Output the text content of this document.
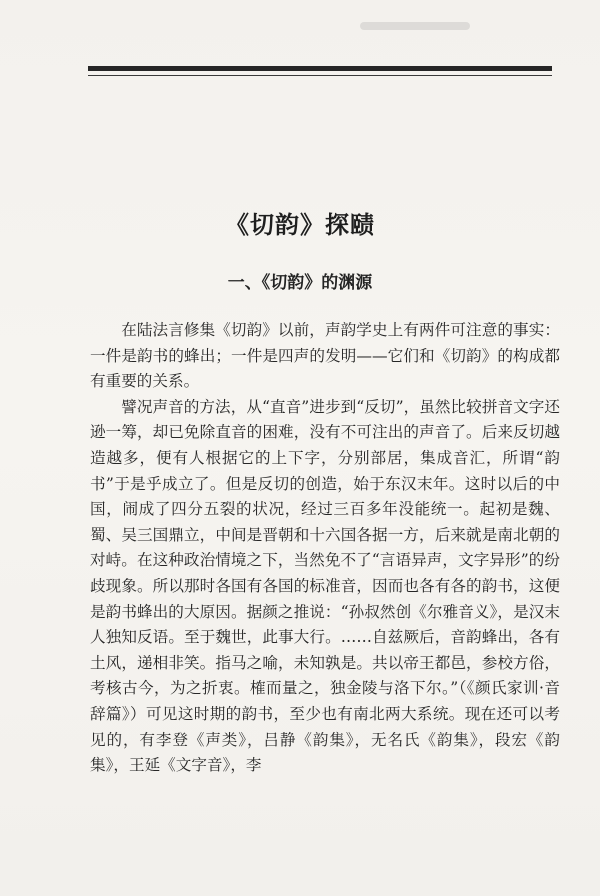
《切韵》探赜
一、《切韵》的渊源

在陆法言修集《切韵》以前，声韵学史上有两件可注意的事实：一件是韵书的蜂出；一件是四声的发明——它们和《切韵》的构成都有重要的关系。

譬况声音的方法，从“直音”进步到“反切”，虽然比较拼音文字还逊一筹，却已免除直音的困难，没有不可注出的声音了。后来反切越造越多，便有人根据它的上下字，分别部居，集成音汇，所谓“韵书”于是乎成立了。但是反切的创造，始于东汉末年。这时以后的中国，闹成了四分五裂的状况，经过三百多年没能统一。起初是魏、蜀、吴三国鼎立，中间是晋朝和十六国各据一方，后来就是南北朝的对峙。在这种政治情境之下，当然免不了“言语异声，文字异形”的纷歧现象。所以那时各国有各国的标准音，因而也各有各的韵书，这便是韵书蜂出的大原因。据颜之推说：“孙叔然创《尔雅音义》，是汉末人独知反语。至于魏世，此事大行。……自兹厥后，音韵蜂出，各有土风，递相非笑。指马之喻，未知孰是。共以帝王都邑，参校方俗，考核古今，为之折衷。榷而量之，独金陵与洛下尔。”（《颜氏家训·音辞篇》）可见这时期的韵书，至少也有南北两大系统。现在还可以考见的，有李登《声类》，吕静《韵集》，无名氏《韵集》，段宏《韵集》，王延《文字音》，李
